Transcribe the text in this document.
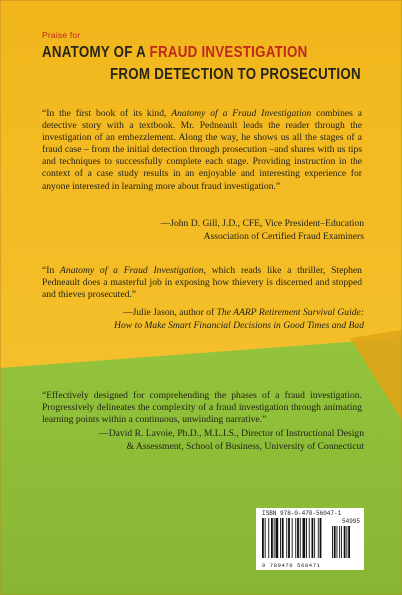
Praise for
ANATOMY OF A FRAUD INVESTIGATION
FROM DETECTION TO PROSECUTION
“In the first book of its kind, Anatomy of a Fraud Investigation combines a detective story with a textbook. Mr. Pedneault leads the reader through the investigation of an embezzlement. Along the way, he shows us all the stages of a fraud case – from the initial detection through prosecution –and shares with us tips and techniques to successfully complete each stage. Providing instruction in the context of a case study results in an enjoyable and interesting experience for anyone interested in learning more about fraud investigation.”
—John D. Gill, J.D., CFE, Vice President–Education
Association of Certified Fraud Examiners
“In Anatomy of a Fraud Investigation, which reads like a thriller, Stephen Pedneault does a masterful job in exposing how thievery is discerned and stopped and thieves prosecuted.”
—Julie Jason, author of The AARP Retirement Survival Guide:
How to Make Smart Financial Decisions in Good Times and Bad
“Effectively designed for comprehending the phases of a fraud investigation. Progressively delineates the complexity of a fraud investigation through animating learning points within a continuous, unwinding narrative.”
—David R. Lavoie, Ph.D., M.L.I.S., Director of Instructional Design
& Assessment, School of Business, University of Connecticut
ISBN 978-0-470-56047-1
54995
9 780470 560471
